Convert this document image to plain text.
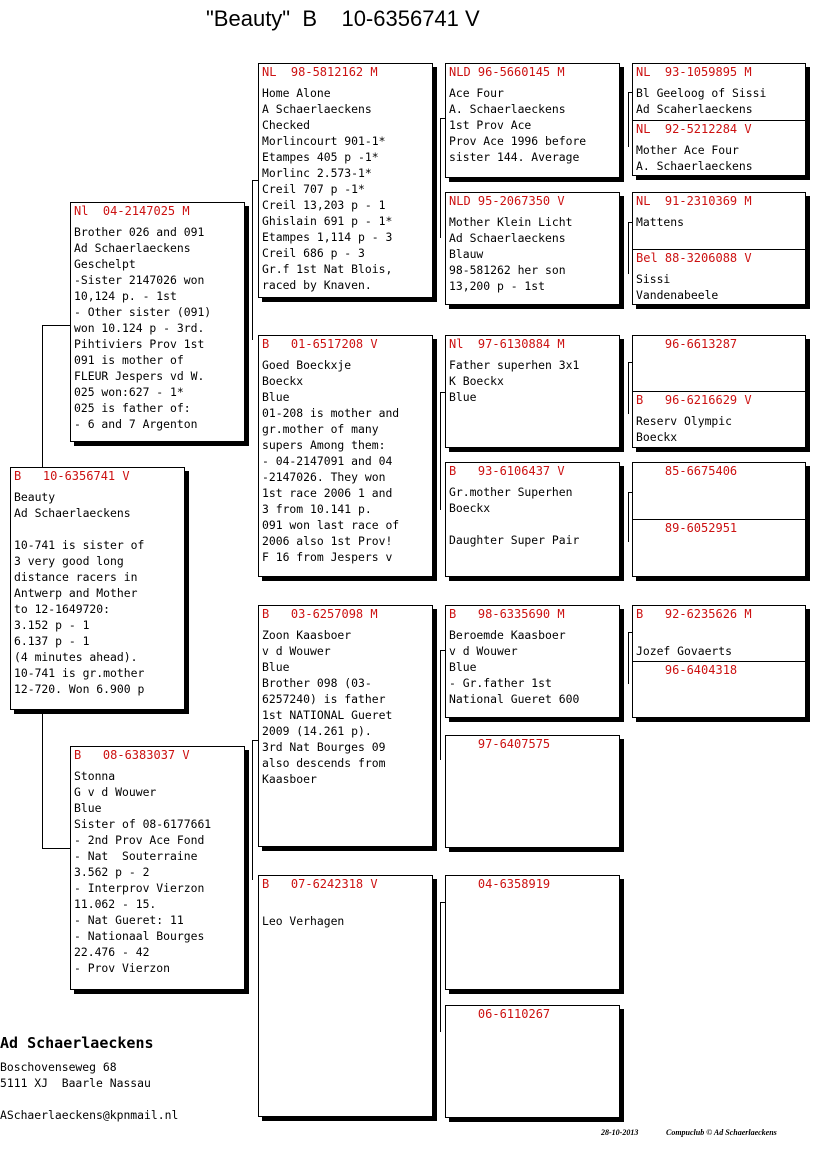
"Beauty"  B    10-6356741 V
B   10-6356741 V
Beauty
Ad Schaerlaeckens

10-741 is sister of
3 very good long
distance racers in
Antwerp and Mother
to 12-1649720:
3.152 p - 1
6.137 p - 1
(4 minutes ahead).
10-741 is gr.mother
12-720. Won 6.900 p
Nl  04-2147025 M
Brother 026 and 091
Ad Schaerlaeckens
Geschelpt
-Sister 2147026 won
10,124 p. - 1st
- Other sister (091)
won 10.124 p - 3rd.
Pihtiviers Prov 1st
091 is mother of
FLEUR Jespers vd W.
025 won:627 - 1*
025 is father of:
- 6 and 7 Argenton
B   08-6383037 V
Stonna
G v d Wouwer
Blue
Sister of 08-6177661
- 2nd Prov Ace Fond
- Nat  Souterraine
3.562 p - 2
- Interprov Vierzon
11.062 - 15.
- Nat Gueret: 11
- Nationaal Bourges
22.476 - 42
- Prov Vierzon
NL  98-5812162 M
Home Alone
A Schaerlaeckens
Checked
Morlincourt 901-1*
Etampes 405 p -1*
Morlinc 2.573-1*
Creil 707 p -1*
Creil 13,203 p - 1
Ghislain 691 p - 1*
Etampes 1,114 p - 3
Creil 686 p - 3
Gr.f 1st Nat Blois,
raced by Knaven.
B   01-6517208 V
Goed Boeckxje
Boeckx
Blue
01-208 is mother and
gr.mother of many
supers Among them:
- 04-2147091 and 04
-2147026. They won
1st race 2006 1 and
3 from 10.141 p.
091 won last race of
2006 also 1st Prov!
F 16 from Jespers v
B   03-6257098 M
Zoon Kaasboer
v d Wouwer
Blue
Brother 098 (03-
6257240) is father
1st NATIONAL Gueret
2009 (14.261 p).
3rd Nat Bourges 09
also descends from
Kaasboer
B   07-6242318 V

Leo Verhagen
NLD 96-5660145 M
Ace Four
A. Schaerlaeckens
1st Prov Ace
Prov Ace 1996 before
sister 144. Average
NLD 95-2067350 V
Mother Klein Licht
Ad Schaerlaeckens
Blauw
98-581262 her son
13,200 p - 1st
Nl  97-6130884 M
Father superhen 3x1
K Boeckx
Blue
B   93-6106437 V
Gr.mother Superhen
Boeckx

Daughter Super Pair
B   98-6335690 M
Beroemde Kaasboer
v d Wouwer
Blue
- Gr.father 1st
National Gueret 600
97-6407575
04-6358919
06-6110267
NL  93-1059895 M
Bl Geeloog of Sissi
Ad Scaherlaeckens
NL  92-5212284 V
Mother Ace Four
A. Schaerlaeckens
NL  91-2310369 M
Mattens
Bel 88-3206088 V
Sissi
Vandenabeele
96-6613287
B   96-6216629 V
Reserv Olympic
Boeckx
85-6675406
89-6052951
B   92-6235626 M

Jozef Govaerts
96-6404318
Ad Schaerlaeckens
Boschovenseweg 68
5111 XJ  Baarle Nassau
ASchaerlaeckens@kpnmail.nl
28-10-2013	Compuclub © Ad Schaerlaeckens
